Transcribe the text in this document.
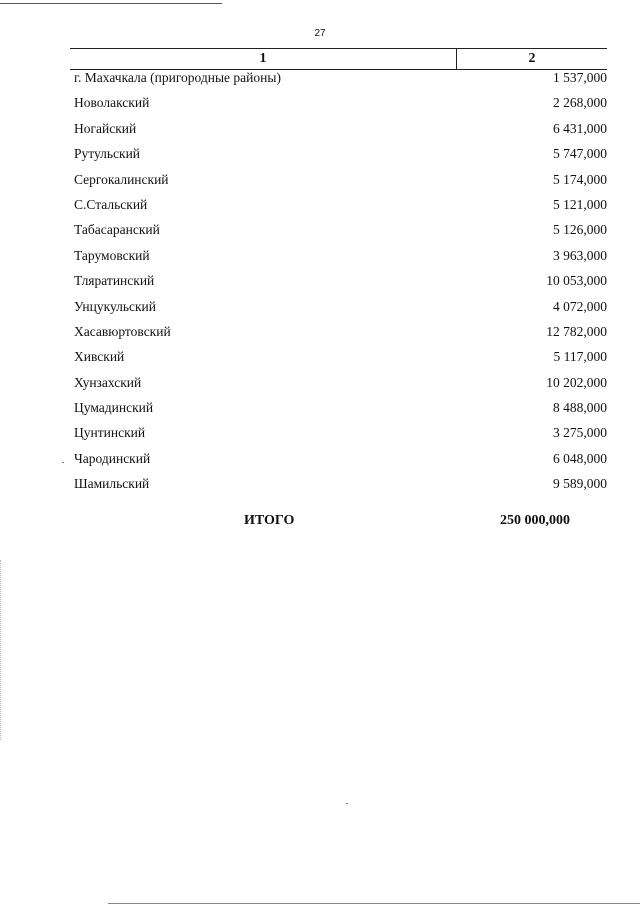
27
1	2
г. Махачкала (пригородные районы)	1 537,000
Новолакский	2 268,000
Ногайский	6 431,000
Рутульский	5 747,000
Сергокалинский	5 174,000
С.Стальский	5 121,000
Табасаранский	5 126,000
Тарумовский	3 963,000
Тляратинский	10 053,000
Унцукульский	4 072,000
Хасавюртовский	12 782,000
Хивский	5 117,000
Хунзахский	10 202,000
Цумадинский	8 488,000
Цунтинский	3 275,000
Чародинский	6 048,000
Шамильский	9 589,000
ИТОГО	250 000,000
